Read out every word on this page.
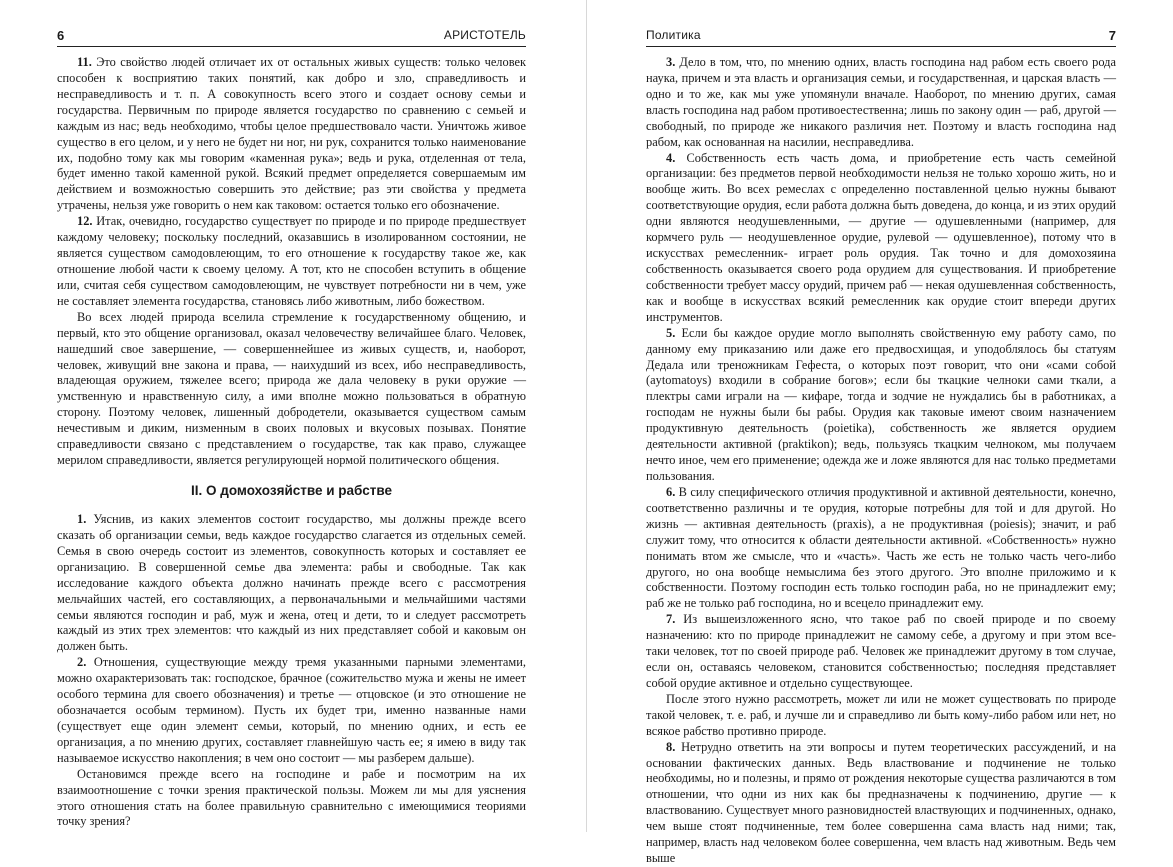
6	АРИСТОТЕЛЬ

11. Это свойство людей отличает их от остальных живых существ: только человек способен к восприятию таких понятий, как добро и зло, справедливость и несправедливость и т. п. А совокупность всего этого и создает основу семьи и государства. Первичным по природе является государство по сравнению с семьей и каждым из нас; ведь необходимо, чтобы целое предшествовало части. Уничтожь живое существо в его целом, и у него не будет ни ног, ни рук, сохранится только наименование их, подобно тому как мы говорим «каменная рука»; ведь и рука, отделенная от тела, будет именно такой каменной рукой. Всякий предмет определяется совершаемым им действием и возможностью совершить это действие; раз эти свойства у предмета утрачены, нельзя уже говорить о нем как таковом: остается только его обозначение.

12. Итак, очевидно, государство существует по природе и по природе предшествует каждому человеку; поскольку последний, оказавшись в изолированном состоянии, не является существом самодовлеющим, то его отношение к государству такое же, как отношение любой части к своему целому. А тот, кто не способен вступить в общение или, считая себя существом самодовлеющим, не чувствует потребности ни в чем, уже не составляет элемента государства, становясь либо животным, либо божеством.

Во всех людей природа вселила стремление к государственному общению, и первый, кто это общение организовал, оказал человечеству величайшее благо. Человек, нашедший свое завершение, — совершеннейшее из живых существ, и, наоборот, человек, живущий вне закона и права, — наихудший из всех, ибо несправедливость, владеющая оружием, тяжелее всего; природа же дала человеку в руки оружие — умственную и нравственную силу, а ими вполне можно пользоваться в обратную сторону. Поэтому человек, лишенный добродетели, оказывается существом самым нечестивым и диким, низменным в своих половых и вкусовых позывах. Понятие справедливости связано с представлением о государстве, так как право, служащее мерилом справедливости, является регулирующей нормой политического общения.

II. О домохозяйстве и рабстве

1. Уяснив, из каких элементов состоит государство, мы должны прежде всего сказать об организации семьи, ведь каждое государство слагается из отдельных семей. Семья в свою очередь состоит из элементов, совокупность которых и составляет ее организацию. В совершенной семье два элемента: рабы и свободные. Так как исследование каждого объекта должно начинать прежде всего с рассмотрения мельчайших частей, его составляющих, а первоначальными и мельчайшими частями семьи являются господин и раб, муж и жена, отец и дети, то и следует рассмотреть каждый из этих трех элементов: что каждый из них представляет собой и каковым он должен быть.

2. Отношения, существующие между тремя указанными парными элементами, можно охарактеризовать так: господское, брачное (сожительство мужа и жены не имеет особого термина для своего обозначения) и третье — отцовское (и это отношение не обозначается особым термином). Пусть их будет три, именно названные нами (существует еще один элемент семьи, который, по мнению одних, и есть ее организация, а по мнению других, составляет главнейшую часть ее; я имею в виду так называемое искусство накопления; в чем оно состоит — мы разберем дальше).

Остановимся прежде всего на господине и рабе и посмотрим на их взаимоотношение с точки зрения практической пользы. Можем ли мы для уяснения этого отношения стать на более правильную сравнительно с имеющимися теориями точку зрения?

Политика	7

3. Дело в том, что, по мнению одних, власть господина над рабом есть своего рода наука, причем и эта власть и организация семьи, и государственная, и царская власть — одно и то же, как мы уже упомянули вначале. Наоборот, по мнению других, самая власть господина над рабом противоестественна; лишь по закону один — раб, другой — свободный, по природе же никакого различия нет. Поэтому и власть господина над рабом, как основанная на насилии, несправедлива.

4. Собственность есть часть дома, и приобретение есть часть семейной организации: без предметов первой необходимости нельзя не только хорошо жить, но и вообще жить. Во всех ремеслах с определенно поставленной целью нужны бывают соответствующие орудия, если работа должна быть доведена, до конца, и из этих орудий одни являются неодушевленными, — другие — одушевленными (например, для кормчего руль — неодушевленное орудие, рулевой — одушевленное), потому что в искусствах ремесленник- играет роль орудия. Так точно и для домохозяина собственность оказывается своего рода орудием для существования. И приобретение собственности требует массу орудий, причем раб — некая одушевленная собственность, как и вообще в искусствах всякий ремесленник как орудие стоит впереди других инструментов.

5. Если бы каждое орудие могло выполнять свойственную ему работу само, по данному ему приказанию или даже его предвосхищая, и уподоблялось бы статуям Дедала или треножникам Гефеста, о которых поэт говорит, что они «сами собой (aytomatoys) входили в собрание богов»; если бы ткацкие челноки сами ткали, а плектры сами играли на — кифаре, тогда и зодчие не нуждались бы в работниках, а господам не нужны были бы рабы. Орудия как таковые имеют своим назначением продуктивную деятельность (poietika), собственность же является орудием деятельности активной (praktikon); ведь, пользуясь ткацким челноком, мы получаем нечто иное, чем его применение; одежда же и ложе являются для нас только предметами пользования.

6. В силу специфического отличия продуктивной и активной деятельности, конечно, соответственно различны и те орудия, которые потребны для той и для другой. Но жизнь — активная деятельность (praxis), а не продуктивная (poiesis); значит, и раб служит тому, что относится к области деятельности активной. «Собственность» нужно понимать втом же смысле, что и «часть». Часть же есть не только часть чего-либо другого, но она вообще немыслима без этого другого. Это вполне приложимо и к собственности. Поэтому господин есть только господин раба, но не принадлежит ему; раб же не только раб господина, но и всецело принадлежит ему.

7. Из вышеизложенного ясно, что такое раб по своей природе и по своему назначению: кто по природе принадлежит не самому себе, а другому и при этом все-таки человек, тот по своей природе раб. Человек же принадлежит другому в том случае, если он, оставаясь человеком, становится собственностью; последняя представляет собой орудие активное и отдельно существующее.

После этого нужно рассмотреть, может ли или не может существовать по природе такой человек, т. е. раб, и лучше ли и справедливо ли быть кому-либо рабом или нет, но всякое рабство противно природе.

8. Нетрудно ответить на эти вопросы и путем теоретических рассуждений, и на основании фактических данных. Ведь властвование и подчинение не только необходимы, но и полезны, и прямо от рождения некоторые существа различаются в том отношении, что одни из них как бы предназначены к подчинению, другие — к властвованию. Существует много разновидностей властвующих и подчиненных, однако, чем выше стоят подчиненные, тем более совершенна сама власть над ними; так, например, власть над человеком более совершенна, чем власть над животным. Ведь чем выше
